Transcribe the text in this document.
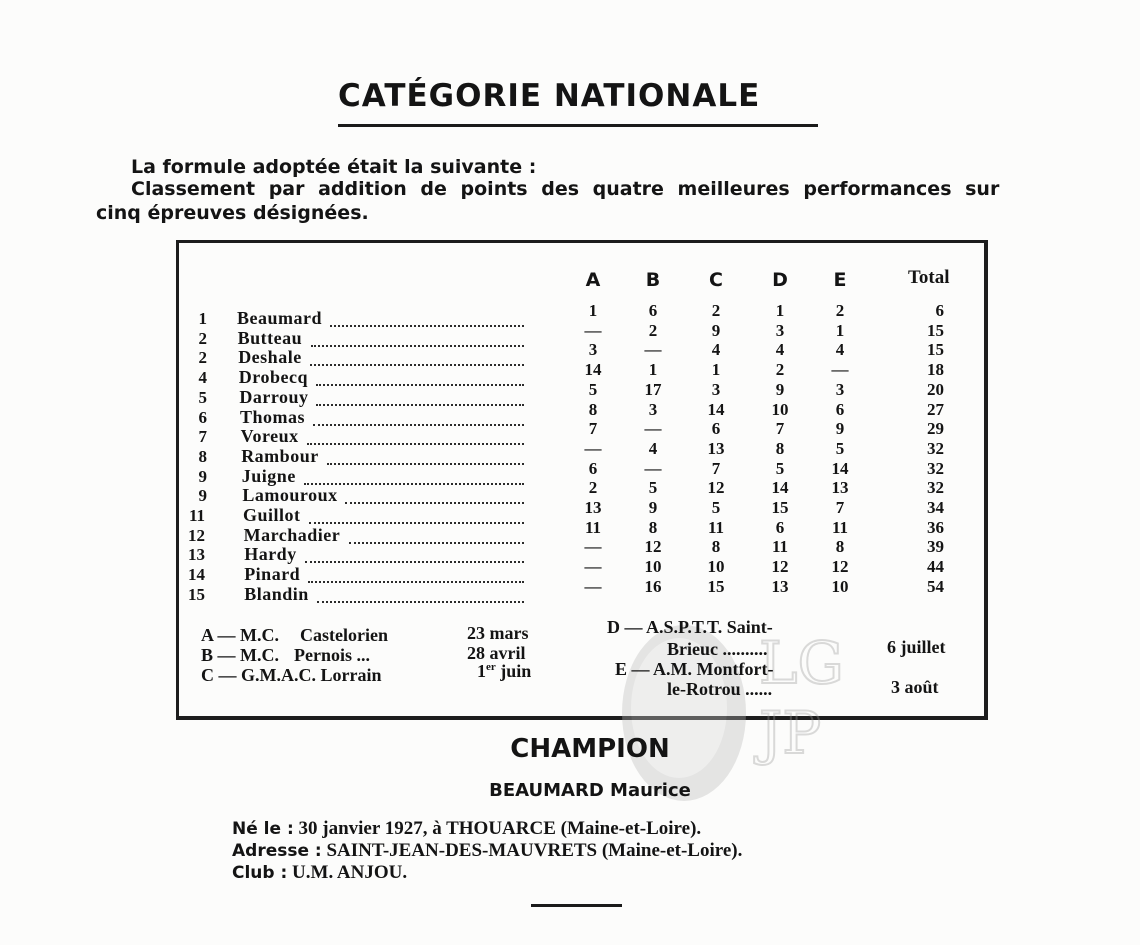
CATÉGORIE NATIONALE

La formule adoptée était la suivante :

Classement par addition de points des quatre meilleures performances sur

cinq épreuves désignées.

LG
JP
A	B	C	D	E	Total
1 Beaumard	1	6	2	1	2	6
2 Butteau	—	2	9	3	1	15
2 Deshale	3	—	4	4	4	15
4 Drobecq	14	1	1	2	—	18
5 Darrouy	5	17	3	9	3	20
6 Thomas	8	3	14	10	6	27
7 Voreux	7	—	6	7	9	29
8 Rambour	—	4	13	8	5	32
9 Juigne	6	—	7	5	14	32
9 Lamouroux	2	5	12	14	13	32
11 Guillot	13	9	5	15	7	34
12 Marchadier	11	8	11	6	11	36
13 Hardy	—	12	8	11	8	39
14 Pinard	—	10	10	12	12	44
15 Blandin	—	16	15	13	10	54
A — M.C. Castelorien	23 mars
B — M.C. Pernois ...	28 avril
C — G.M.A.C. Lorrain	1er juin
D — A.S.P.T.T. Saint-
Brieuc ..........	6 juillet
E — A.M. Montfort-
le-Rotrou ......	3 août
CHAMPION
BEAUMARD Maurice
Né le : 30 janvier 1927, à THOUARCE (Maine-et-Loire).
Adresse : SAINT-JEAN-DES-MAUVRETS (Maine-et-Loire).
Club : U.M. ANJOU.
